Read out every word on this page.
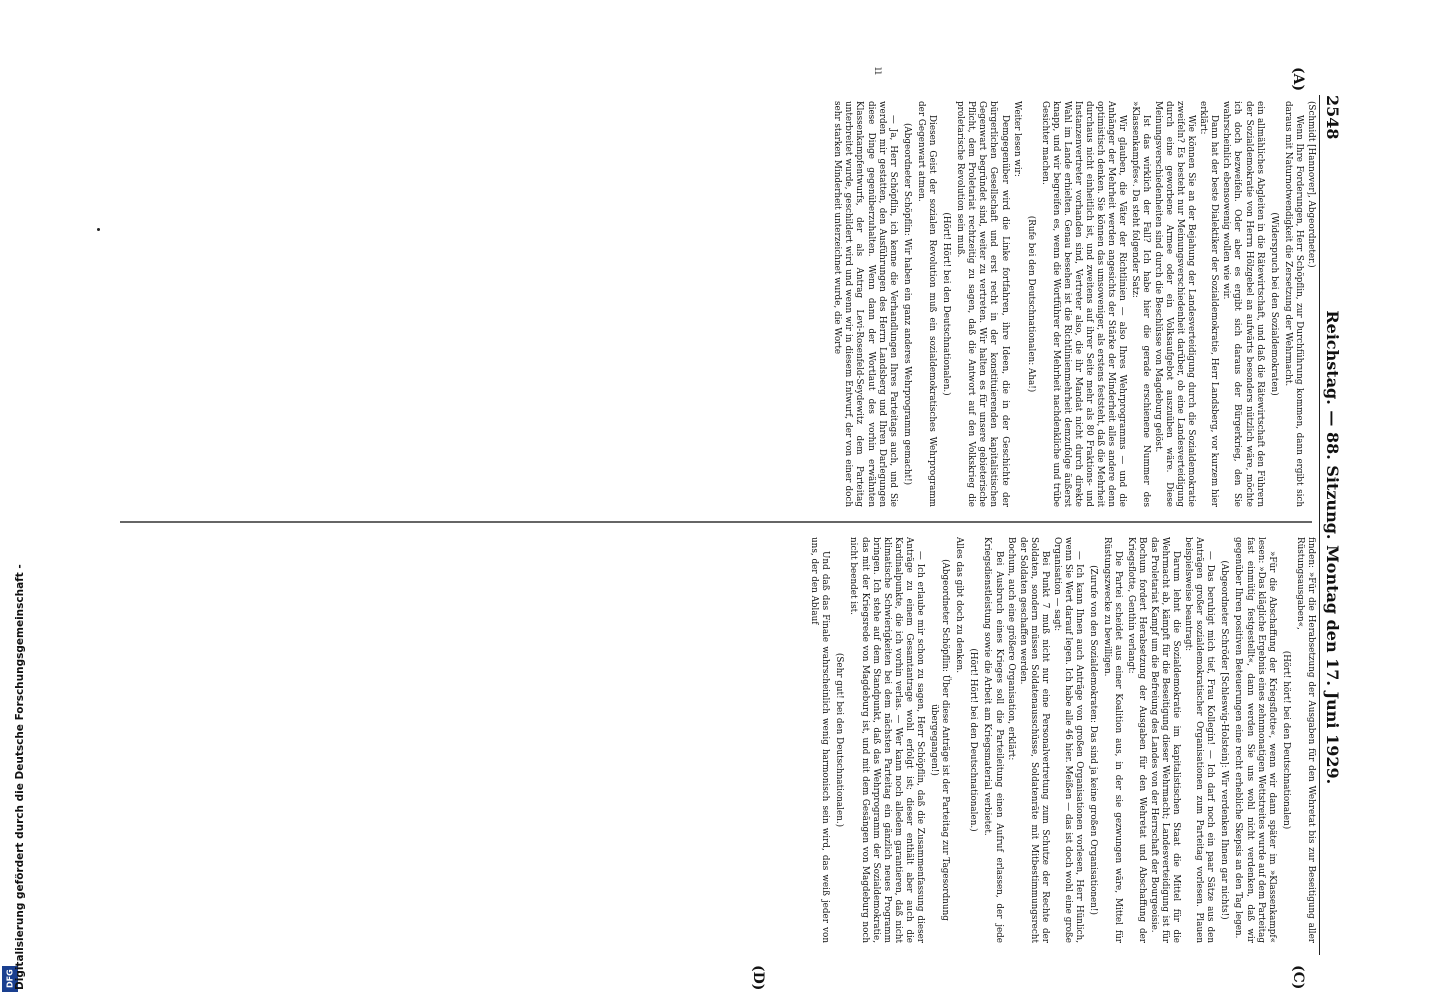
(A)
(C)
(D)
ıı
2548
Reichstag. — 88. Sitzung. Montag den 17. Juni 1929.

(Schmidt [Hannover], Abgeordneter.)

Wenn Ihre Forderungen, Herr Schöpflin, zur Durchführung kommen, dann ergibt sich daraus mit Naturnotwendigkeit die Zersetzung der Wehrmacht.

(Widerspruch bei den Sozialdemokraten)

ein allmähliches Abgleiten in die Rätewirtschaft, und daß die Rätewirtschaft den Führern der Sozialdemokratie von Herrn Hölzgebel an aufwärts besonders nützlich wäre, möchte ich doch bezweifeln. Oder aber es ergibt sich daraus der Bürgerkrieg, den Sie wahrscheinlich ebensowenig wollen wie wir.

Dann hat der beste Dialektiker der Sozialdemokratie, Herr Landsberg, vor kurzem hier erklärt:

Wie können Sie an der Bejahung der Landesverteidigung durch die Sozialdemokratie zweifeln? Es besteht nur Meinungsverschiedenheit darüber, ob eine Landesverteidigung durch eine geworbene Armee oder ein Volksaufgebot auszuüben wäre. Diese Meinungsverschiedenheiten sind durch die Beschlüsse von Magdeburg gelöst.

Ist das wirklich der Fall? Ich habe hier die gerade erschienene Nummer des »Klassenkampfes«. Da steht folgender Satz:

Wir glauben, die Väter der Richtlinien — also Ihres Wehrprogramms — und die Anhänger der Mehrheit werden angesichts der Stärke der Minderheit alles andere denn optimistisch denken. Sie können das umsoweniger, als erstens feststeht, daß die Mehrheit durchaus nicht einheitlich ist, und zweitens auf ihrer Seite mehr als 80 Fraktions- und Instanzenvertreter vorhanden sind, Vertreter also, die ihr Mandat nicht durch direkte Wahl im Lande erhielten. Genau besehen ist die Richtlinienmehrheit demzufolge äußerst knapp, und wir begreifen es, wenn die Wortführer der Mehrheit nachdenkliche und trübe Gesichter machen.

(Rufe bei den Deutschnationalen: Aha!)

Weiter lesen wir:

Demgegenüber wird die Linke fortfahren, ihre Ideen, die in der Geschichte der bürgerlichen Gesellschaft und erst recht in der konstituierenden kapitalistischen Gegenwart begründet sind, weiter zu vertreten. Wir halten es für unsere gebieterische Pflicht, dem Proletariat rechtzeitig zu sagen, daß die Antwort auf den Volkskrieg die proletarische Revolution sein muß.

(Hört! Hört! bei den Deutschnationalen.)

Diesen Geist der sozialen Revolution muß ein sozialdemokratisches Wehrprogramm der Gegenwart atmen.

(Abgeordneter Schöpflin: Wir haben ein ganz anderes Wehrprogramm gemacht!)

— Ja, Herr Schöpflin, ich kenne die Verhandlungen Ihres Parteitags auch, und Sie werden mir gestatten, den Ausführungen des Herrn Landsberg und Ihren Darlegungen diese Dinge gegenüberzuhalten. Wenn dann der Wortlaut des vorhin erwähnten Klassenkampfentwurfs, der als Antrag Levi-Rosenfeld-Seydewitz dem Parteitag unterbreitet wurde, geschildert wird und wenn wir in diesem Entwurf, der von einer doch sehr starken Minderheit unterzeichnet wurde, die Worte

finden: »Für die Herabsetzung der Ausgaben für den Wehretat bis zur Beseitigung aller Rüstungsausgaben«,

(Hört! hört! bei den Deutschnationalen)

»Für die Abschaffung der Kriegsflotte«, wenn wir dann später im »Klassenkampf« lesen: »Das klägliche Ergebnis eines zehnmonatigen Wettstreites wurde auf dem Parteitag fast einmütig festgestellt«, dann werden Sie uns wohl nicht verdenken, daß wir gegenüber Ihren positiven Beteuerungen eine recht erhebliche Skepsis an den Tag legen.

(Abgeordneter Schröder [Schleswig-Holstein]: Wir verdenken Ihnen gar nichts!)

— Das beruhigt mich tief, Frau Kollegin! — Ich darf noch ein paar Sätze aus den Anträgen großer sozialdemokratischer Organisationen zum Parteitag vorlesen. Plauen beispielsweise beantragt:

Darum lehnt die Sozialdemokratie im kapitalistischen Staat die Mittel für die Wehrmacht ab, kämpft für die Beseitigung dieser Wehrmacht; Landesverteidigung ist für das Proletariat Kampf um die Befreiung des Landes von der Herrschaft der Bourgeoisie.

Bochum fordert Herabsetzung der Ausgaben für den Wehretat und Abschaffung der Kriegsflotte, Genthin verlangt:

Die Partei scheidet aus einer Koalition aus, in der sie gezwungen wäre, Mittel für Rüstungszwecke zu bewilligen.

(Zurufe von den Sozialdemokraten: Das sind ja keine großen Organisationen!)

— Ich kann Ihnen auch Anträge von großen Organisationen vorlesen, Herr Hünlich, wenn Sie Wert darauf legen. Ich habe alle 46 hier. Meißen — das ist doch wohl eine große Organisation — sagt:

Bei Punkt 7 muß nicht nur eine Personalvertretung zum Schutze der Rechte der Soldaten, sondern müssen Soldatenausschüsse, Soldatenräte mit Mitbestimmungsrecht der Soldaten geschaffen werden.

Bochum, auch eine größere Organisation, erklärt:

Bei Ausbruch eines Krieges soll die Parteileitung einen Aufruf erlassen, der jede Kriegsdienstleistung sowie die Arbeit am Kriegsmaterial verbietet.

(Hört! Hört! bei den Deutschnationalen.)

Alles das gibt doch zu denken.

(Abgeordneter Schöpflin: Über diese Anträge ist der Parteitag zur Tagesordnung übergegangen!)

— Ich erlaube mir schon zu sagen, Herr Schöpflin, daß die Zusammenfassung dieser Anträge zu einem Gesamtantrage wohl erfolgt ist; dieser enthält aber auch die Kardinalpunkte, die ich vorhin verlas. — Wer kann noch alledem garantieren, daß nicht klimatische Schwierigkeiten bei dem nächsten Parteitag ein gänzlich neues Programm bringen. Ich stehe auf dem Standpunkt, daß das Wehrprogramm der Sozialdemokratie, das mit der Kriegsrede von Magdeburg ist, und mit dem Gesängen von Magdeburg noch nicht beendet ist.

(Sehr gut! bei den Deutschnationalen.)

Und daß das Finale wahrscheinlich wenig harmonisch sein wird, das weiß jeder von uns, der den Ablauf

DFG Digitalisierung gefördert durch die Deutsche Forschungsgemeinschaft -
